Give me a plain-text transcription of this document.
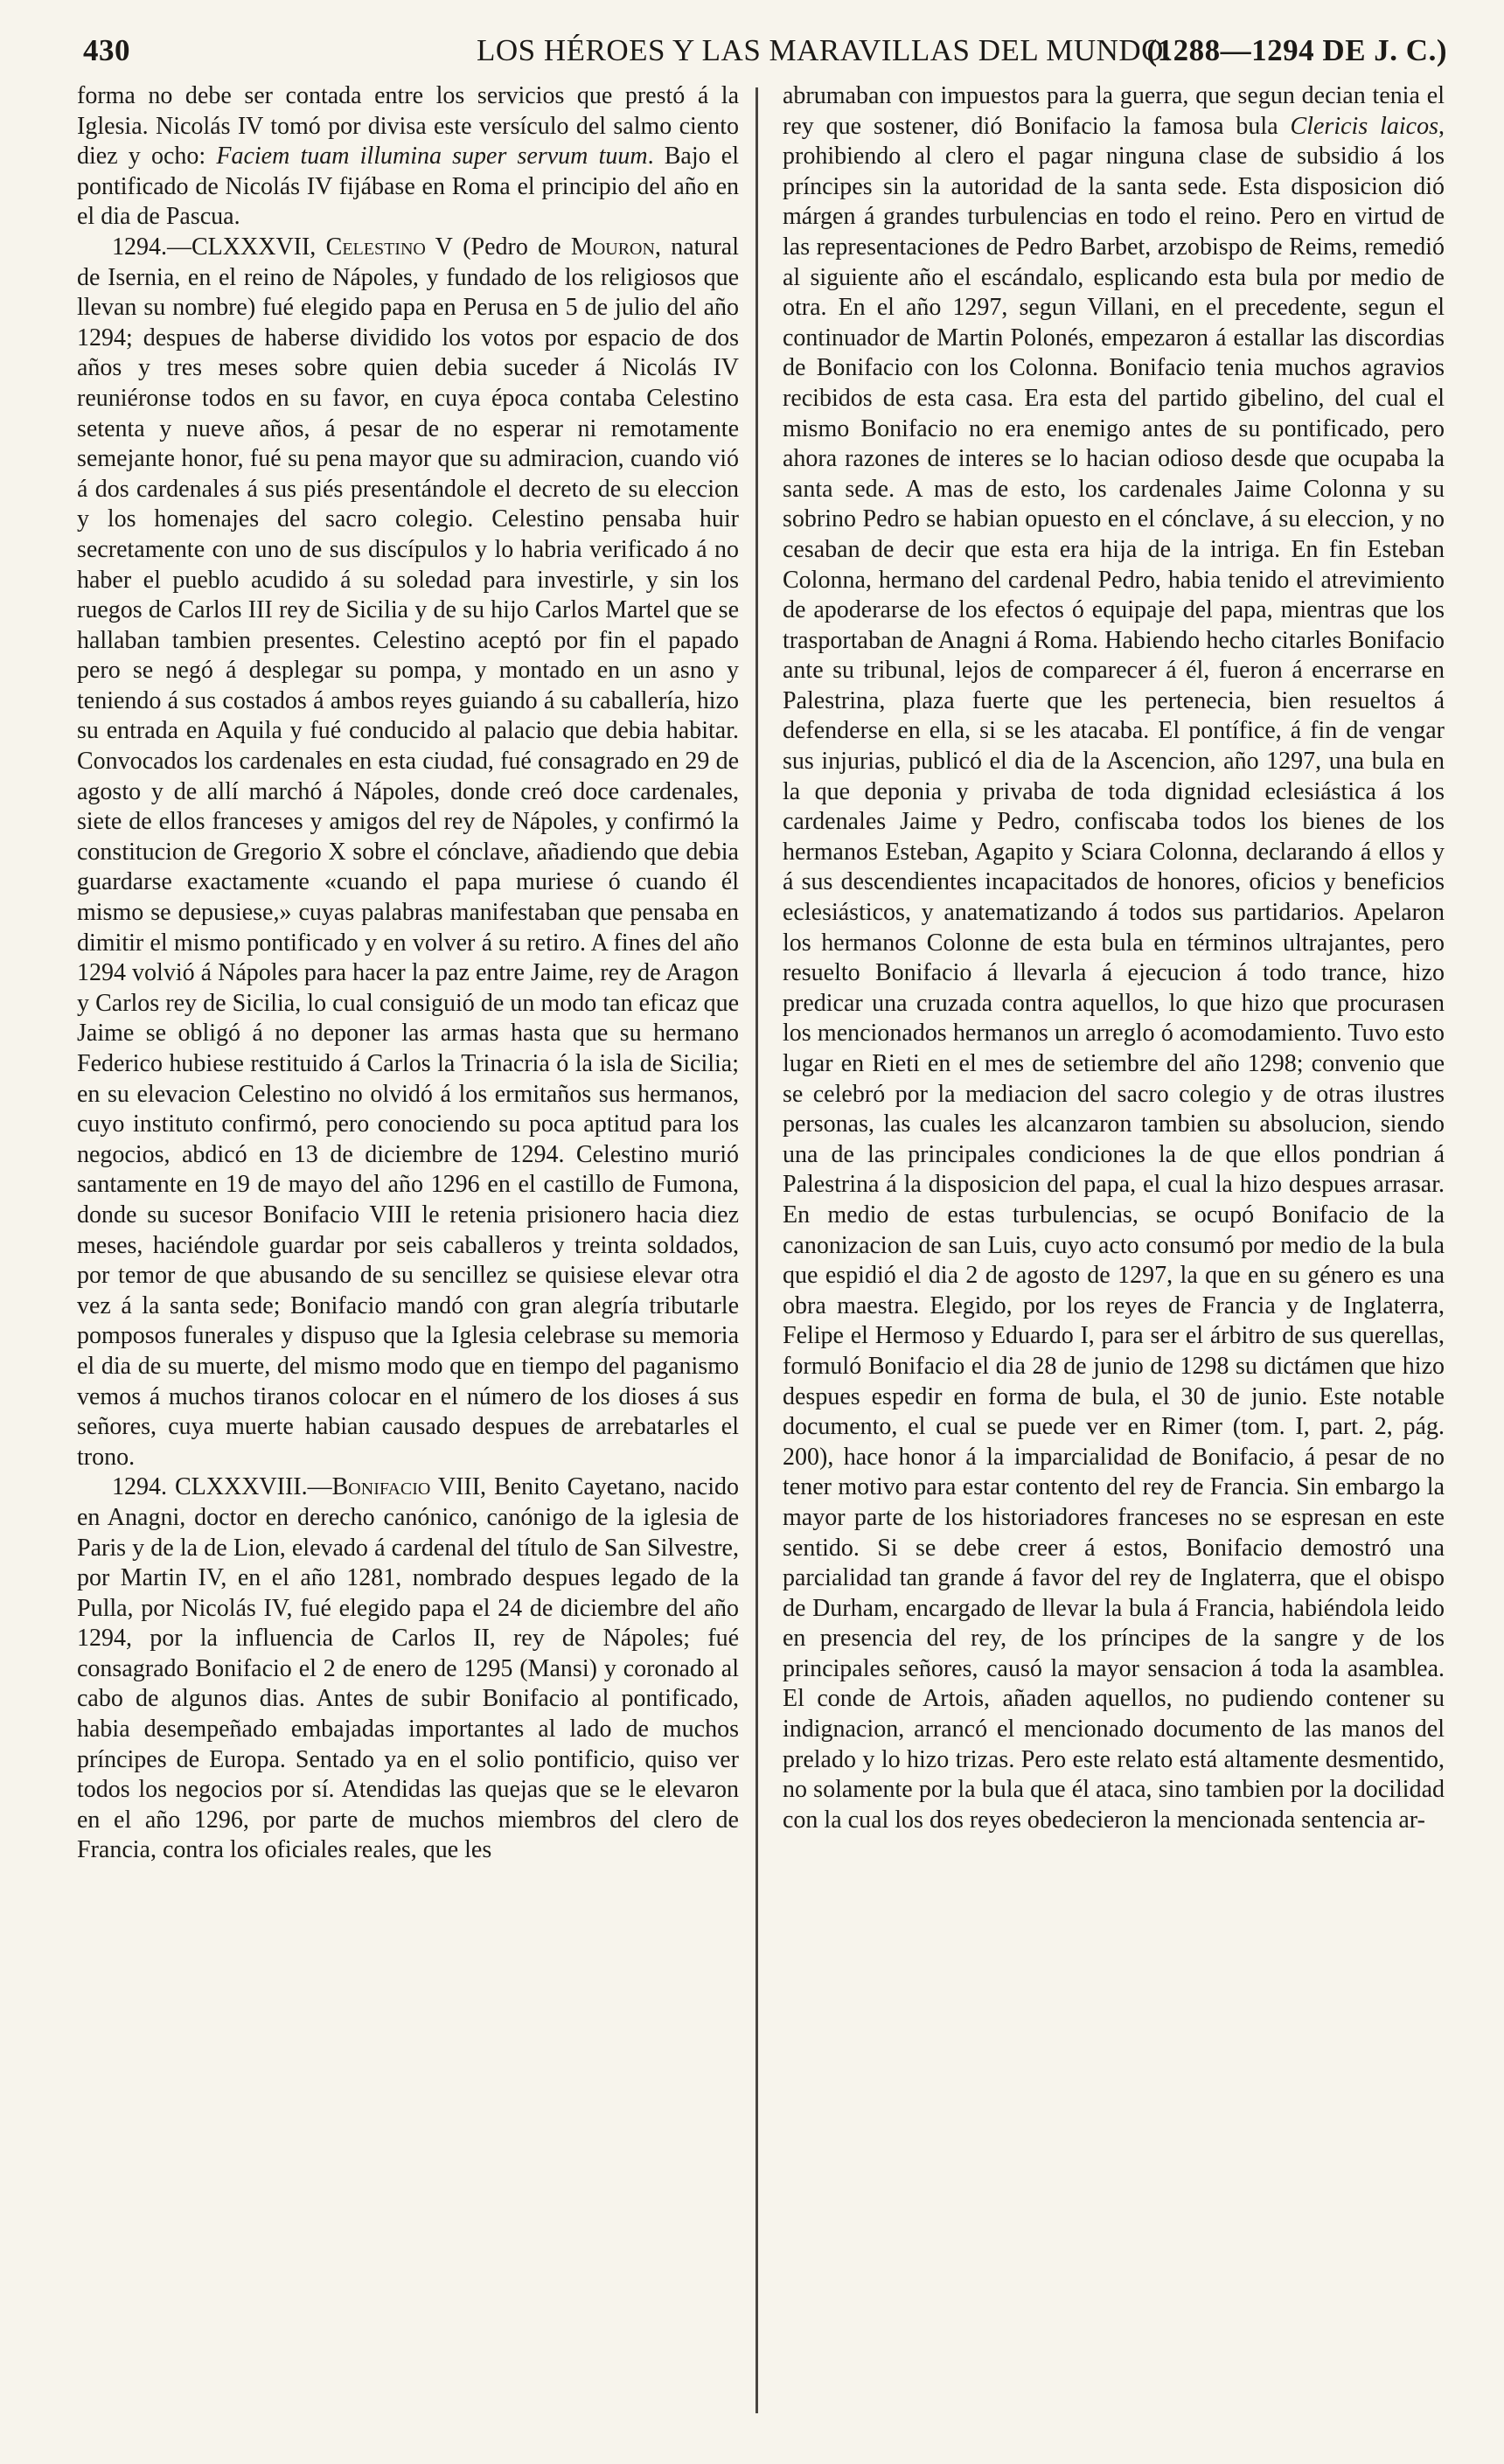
430	LOS HÉROES Y LAS MARAVILLAS DEL MUNDO.
(1288—1294 DE J. C.)

forma no debe ser contada entre los servicios que prestó á la Iglesia. Nicolás IV tomó por divisa este versículo del salmo ciento diez y ocho: Faciem tuam illumina super servum tuum. Bajo el pontificado de Nicolás IV fijábase en Roma el principio del año en el dia de Pascua.

1294.—CLXXXVII, Celestino V (Pedro de Mouron, natural de Isernia, en el reino de Nápoles, y fundado de los religiosos que llevan su nombre) fué elegido papa en Perusa en 5 de julio del año 1294; despues de haberse dividido los votos por espacio de dos años y tres meses sobre quien debia suceder á Nicolás IV reuniéronse todos en su favor, en cuya época contaba Celestino setenta y nueve años, á pesar de no esperar ni remotamente semejante honor, fué su pena mayor que su admiracion, cuando vió á dos cardenales á sus piés presentándole el decreto de su eleccion y los homenajes del sacro colegio. Celestino pensaba huir secretamente con uno de sus discípulos y lo habria verificado á no haber el pueblo acudido á su soledad para investirle, y sin los ruegos de Carlos III rey de Sicilia y de su hijo Carlos Martel que se hallaban tambien presentes. Celestino aceptó por fin el papado pero se negó á desplegar su pompa, y montado en un asno y teniendo á sus costados á ambos reyes guiando á su caballería, hizo su entrada en Aquila y fué conducido al palacio que debia habitar. Convocados los cardenales en esta ciudad, fué consagrado en 29 de agosto y de allí marchó á Nápoles, donde creó doce cardenales, siete de ellos franceses y amigos del rey de Nápoles, y confirmó la constitucion de Gregorio X sobre el cónclave, añadiendo que debia guardarse exactamente «cuando el papa muriese ó cuando él mismo se depusiese,» cuyas palabras manifestaban que pensaba en dimitir el mismo pontificado y en volver á su retiro. A fines del año 1294 volvió á Nápoles para hacer la paz entre Jaime, rey de Aragon y Carlos rey de Sicilia, lo cual consiguió de un modo tan eficaz que Jaime se obligó á no deponer las armas hasta que su hermano Federico hubiese restituido á Carlos la Trinacria ó la isla de Sicilia; en su elevacion Celestino no olvidó á los ermitaños sus hermanos, cuyo instituto confirmó, pero conociendo su poca aptitud para los negocios, abdicó en 13 de diciembre de 1294. Celestino murió santamente en 19 de mayo del año 1296 en el castillo de Fumona, donde su sucesor Bonifacio VIII le retenia prisionero hacia diez meses, haciéndole guardar por seis caballeros y treinta soldados, por temor de que abusando de su sencillez se quisiese elevar otra vez á la santa sede; Bonifacio mandó con gran alegría tributarle pomposos funerales y dispuso que la Iglesia celebrase su memoria el dia de su muerte, del mismo modo que en tiempo del paganismo vemos á muchos tiranos colocar en el número de los dioses á sus señores, cuya muerte habian causado despues de arrebatarles el trono.

1294. CLXXXVIII.—Bonifacio VIII, Benito Cayetano, nacido en Anagni, doctor en derecho canónico, canónigo de la iglesia de Paris y de la de Lion, elevado á cardenal del título de San Silvestre, por Martin IV, en el año 1281, nombrado despues legado de la Pulla, por Nicolás IV, fué elegido papa el 24 de diciembre del año 1294, por la influencia de Carlos II, rey de Nápoles; fué consagrado Bonifacio el 2 de enero de 1295 (Mansi) y coronado al cabo de algunos dias. Antes de subir Bonifacio al pontificado, habia desempeñado embajadas importantes al lado de muchos príncipes de Europa. Sentado ya en el solio pontificio, quiso ver todos los negocios por sí. Atendidas las quejas que se le elevaron en el año 1296, por parte de muchos miembros del clero de Francia, contra los oficiales reales, que les

abrumaban con impuestos para la guerra, que segun decian tenia el rey que sostener, dió Bonifacio la famosa bula Clericis laicos, prohibiendo al clero el pagar ninguna clase de subsidio á los príncipes sin la autoridad de la santa sede. Esta disposicion dió márgen á grandes turbulencias en todo el reino. Pero en virtud de las representaciones de Pedro Barbet, arzobispo de Reims, remedió al siguiente año el escándalo, esplicando esta bula por medio de otra. En el año 1297, segun Villani, en el precedente, segun el continuador de Martin Polonés, empezaron á estallar las discordias de Bonifacio con los Colonna. Bonifacio tenia muchos agravios recibidos de esta casa. Era esta del partido gibelino, del cual el mismo Bonifacio no era enemigo antes de su pontificado, pero ahora razones de interes se lo hacian odioso desde que ocupaba la santa sede. A mas de esto, los cardenales Jaime Colonna y su sobrino Pedro se habian opuesto en el cónclave, á su eleccion, y no cesaban de decir que esta era hija de la intriga. En fin Esteban Colonna, hermano del cardenal Pedro, habia tenido el atrevimiento de apoderarse de los efectos ó equipaje del papa, mientras que los trasportaban de Anagni á Roma. Habiendo hecho citarles Bonifacio ante su tribunal, lejos de comparecer á él, fueron á encerrarse en Palestrina, plaza fuerte que les pertenecia, bien resueltos á defenderse en ella, si se les atacaba. El pontífice, á fin de vengar sus injurias, publicó el dia de la Ascencion, año 1297, una bula en la que deponia y privaba de toda dignidad eclesiástica á los cardenales Jaime y Pedro, confiscaba todos los bienes de los hermanos Esteban, Agapito y Sciara Colonna, declarando á ellos y á sus descendientes incapacitados de honores, oficios y beneficios eclesiásticos, y anatematizando á todos sus partidarios. Apelaron los hermanos Colonne de esta bula en términos ultrajantes, pero resuelto Bonifacio á llevarla á ejecucion á todo trance, hizo predicar una cruzada contra aquellos, lo que hizo que procurasen los mencionados hermanos un arreglo ó acomodamiento. Tuvo esto lugar en Rieti en el mes de setiembre del año 1298; convenio que se celebró por la mediacion del sacro colegio y de otras ilustres personas, las cuales les alcanzaron tambien su absolucion, siendo una de las principales condiciones la de que ellos pondrian á Palestrina á la disposicion del papa, el cual la hizo despues arrasar. En medio de estas turbulencias, se ocupó Bonifacio de la canonizacion de san Luis, cuyo acto consumó por medio de la bula que espidió el dia 2 de agosto de 1297, la que en su género es una obra maestra. Elegido, por los reyes de Francia y de Inglaterra, Felipe el Hermoso y Eduardo I, para ser el árbitro de sus querellas, formuló Bonifacio el dia 28 de junio de 1298 su dictámen que hizo despues espedir en forma de bula, el 30 de junio. Este notable documento, el cual se puede ver en Rimer (tom. I, part. 2, pág. 200), hace honor á la imparcialidad de Bonifacio, á pesar de no tener motivo para estar contento del rey de Francia. Sin embargo la mayor parte de los historiadores franceses no se espresan en este sentido. Si se debe creer á estos, Bonifacio demostró una parcialidad tan grande á favor del rey de Inglaterra, que el obispo de Durham, encargado de llevar la bula á Francia, habiéndola leido en presencia del rey, de los príncipes de la sangre y de los principales señores, causó la mayor sensacion á toda la asamblea. El conde de Artois, añaden aquellos, no pudiendo contener su indignacion, arrancó el mencionado documento de las manos del prelado y lo hizo trizas. Pero este relato está altamente desmentido, no solamente por la bula que él ataca, sino tambien por la docilidad con la cual los dos reyes obedecieron la mencionada sentencia ar-
